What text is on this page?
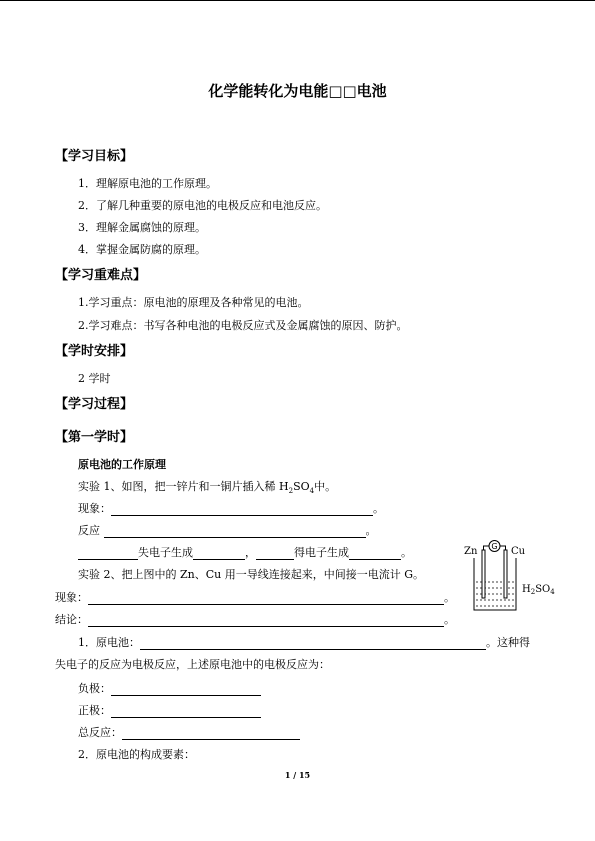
化学能转化为电能□□电池
【学习目标】
1．理解原电池的工作原理。
2．了解几种重要的原电池的电极反应和电池反应。
3．理解金属腐蚀的原理。
4．掌握金属防腐的原理。
【学习重难点】
1.学习重点：原电池的原理及各种常见的电池。
2.学习难点：书写各种电池的电极反应式及金属腐蚀的原因、防护。
【学时安排】
2 学时
【学习过程】
【第一学时】
原电池的工作原理
实验 1、如图，把一锌片和一铜片插入稀 $H_2SO_4$中。
现象：	。
反应	。
失电子生成	，	得电子生成	。
实验 2、把上图中的 Zn、Cu 用一导线连接起来，中间接一电流计 G。
现象：	。
结论：	。
1．原电池：	。这种得
失电子的反应为电极反应，上述原电池中的电极反应为：
负极：
正极：
总反应：
2．原电池的构成要素：
G
Zn	Cu
$H_2SO_4$
1 / 15
